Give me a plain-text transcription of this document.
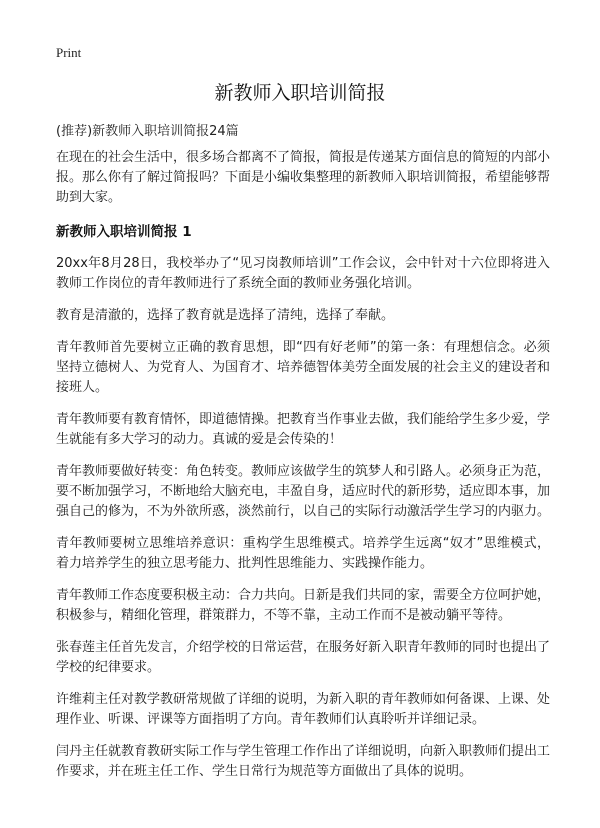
Print
新教师入职培训简报

(推荐)新教师入职培训简报24篇

在现在的社会生活中，很多场合都离不了简报，简报是传递某方面信息的简短的内部小报。那么你有了解过简报吗？下面是小编收集整理的新教师入职培训简报，希望能够帮助到大家。

新教师入职培训简报 1

20xx年8月28日，我校举办了“见习岗教师培训”工作会议，会中针对十六位即将进入教师工作岗位的青年教师进行了系统全面的教师业务强化培训。

教育是清澈的，选择了教育就是选择了清纯，选择了奉献。

青年教师首先要树立正确的教育思想，即“四有好老师”的第一条：有理想信念。必须坚持立德树人、为党育人、为国育才、培养德智体美劳全面发展的社会主义的建设者和接班人。

青年教师要有教育情怀，即道德情操。把教育当作事业去做，我们能给学生多少爱，学生就能有多大学习的动力。真诚的爱是会传染的！

青年教师要做好转变：角色转变。教师应该做学生的筑梦人和引路人。必须身正为范，要不断加强学习，不断地给大脑充电，丰盈自身，适应时代的新形势，适应即本事，加强自己的修为，不为外欲所惑，淡然前行，以自己的实际行动激活学生学习的内驱力。

青年教师要树立思维培养意识：重构学生思维模式。培养学生远离“奴才”思维模式，着力培养学生的独立思考能力、批判性思维能力、实践操作能力。

青年教师工作态度要积极主动：合力共向。日新是我们共同的家，需要全方位呵护她，积极参与，精细化管理，群策群力，不等不靠，主动工作而不是被动躺平等待。

张春莲主任首先发言，介绍学校的日常运营，在服务好新入职青年教师的同时也提出了学校的纪律要求。

许维莉主任对教学教研常规做了详细的说明，为新入职的青年教师如何备课、上课、处理作业、听课、评课等方面指明了方向。青年教师们认真聆听并详细记录。

闫丹主任就教育教研实际工作与学生管理工作作出了详细说明，向新入职教师们提出工作要求，并在班主任工作、学生日常行为规范等方面做出了具体的说明。
